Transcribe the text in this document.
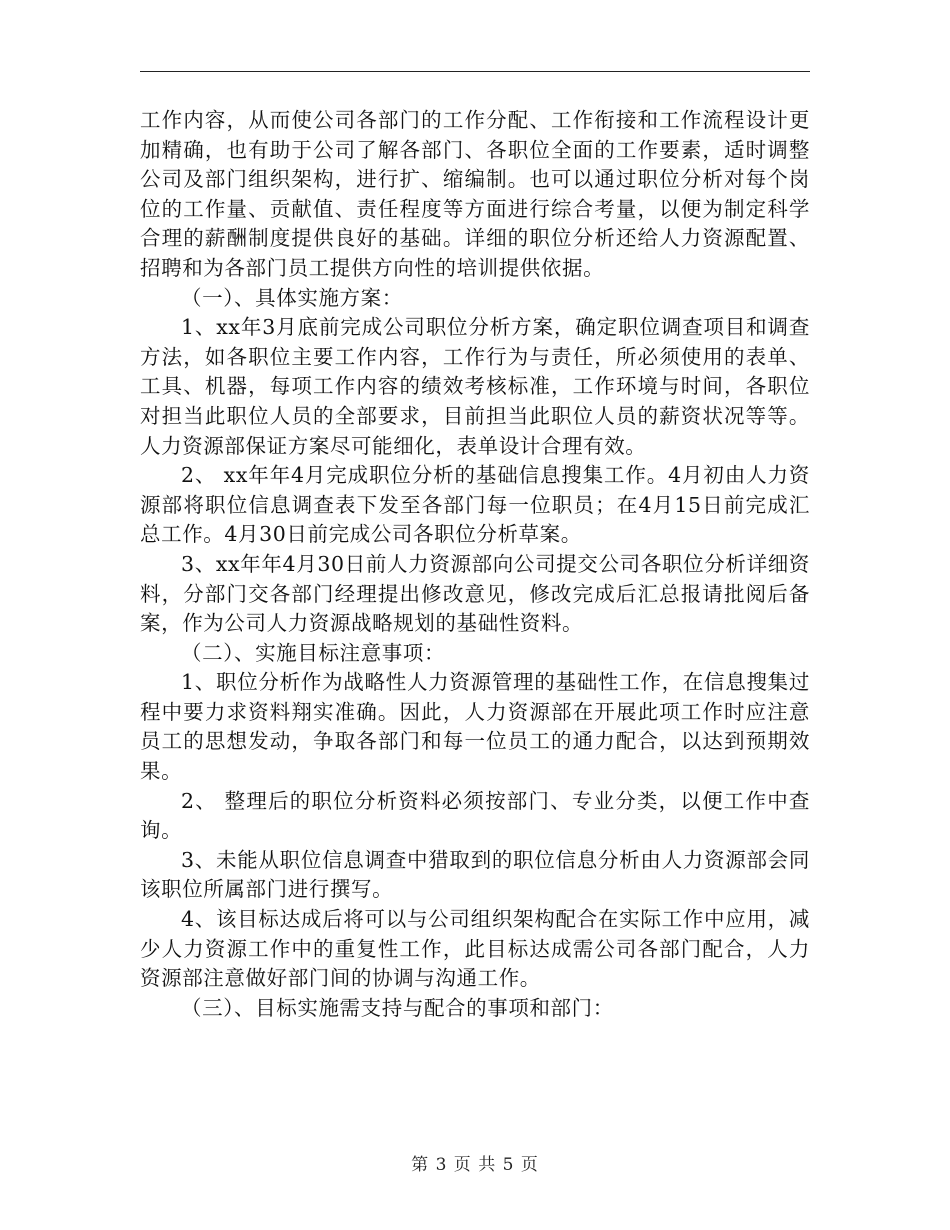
工作内容，从而使公司各部门的工作分配、工作衔接和工作流程设计更加精确，也有助于公司了解各部门、各职位全面的工作要素，适时调整公司及部门组织架构，进行扩、缩编制。也可以通过职位分析对每个岗位的工作量、贡献值、责任程度等方面进行综合考量，以便为制定科学合理的薪酬制度提供良好的基础。详细的职位分析还给人力资源配置、招聘和为各部门员工提供方向性的培训提供依据。

（一）、具体实施方案：

1、xx年3月底前完成公司职位分析方案，确定职位调查项目和调查方法，如各职位主要工作内容，工作行为与责任，所必须使用的表单、工具、机器，每项工作内容的绩效考核标准，工作环境与时间，各职位对担当此职位人员的全部要求，目前担当此职位人员的薪资状况等等。人力资源部保证方案尽可能细化，表单设计合理有效。

2、 xx年年4月完成职位分析的基础信息搜集工作。4月初由人力资源部将职位信息调查表下发至各部门每一位职员；在4月15日前完成汇总工作。4月30日前完成公司各职位分析草案。

3、xx年年4月30日前人力资源部向公司提交公司各职位分析详细资料，分部门交各部门经理提出修改意见，修改完成后汇总报请批阅后备案，作为公司人力资源战略规划的基础性资料。

（二）、实施目标注意事项：

1、职位分析作为战略性人力资源管理的基础性工作，在信息搜集过程中要力求资料翔实准确。因此，人力资源部在开展此项工作时应注意员工的思想发动，争取各部门和每一位员工的通力配合，以达到预期效果。

2、 整理后的职位分析资料必须按部门、专业分类，以便工作中查询。

3、未能从职位信息调查中猎取到的职位信息分析由人力资源部会同该职位所属部门进行撰写。

4、该目标达成后将可以与公司组织架构配合在实际工作中应用，减少人力资源工作中的重复性工作，此目标达成需公司各部门配合，人力资源部注意做好部门间的协调与沟通工作。

（三）、目标实施需支持与配合的事项和部门：

第 3 页 共 5 页
